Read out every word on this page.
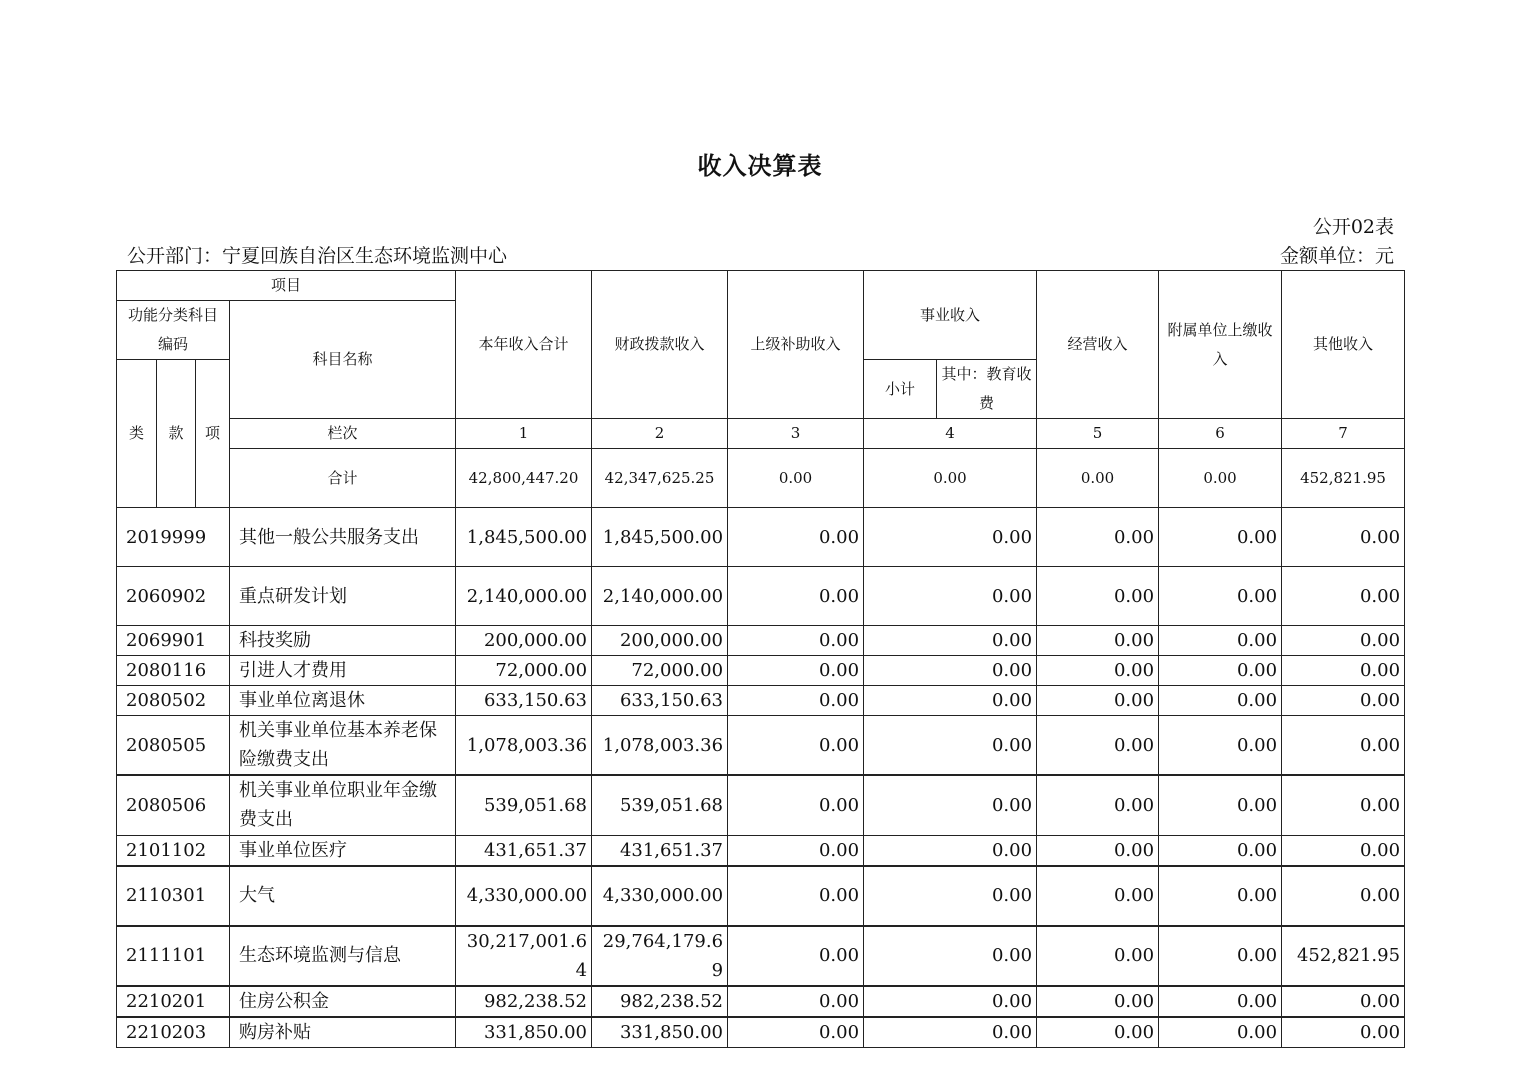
收入决算表
公开02表
公开部门：宁夏回族自治区生态环境监测中心	金额单位：元
项目				本年收入合计	财政拨款收入	上级补助收入	事业收入		经营收入	附属单位上缴收入	其他收入
功能分类科目编码			科目名称								
类	款	项					小计	其中：教育收费			

			栏次	1	2	3	4		5	6	7
			合计	42,800,447.20	42,347,625.25	0.00	0.00		0.00	0.00	452,821.95
2019999			其他一般公共服务支出	1,845,500.00	1,845,500.00	0.00	0.00		0.00	0.00	0.00
2060902			重点研发计划	2,140,000.00	2,140,000.00	0.00	0.00		0.00	0.00	0.00
2069901			科技奖励	200,000.00	200,000.00	0.00	0.00		0.00	0.00	0.00
2080116			引进人才费用	72,000.00	72,000.00	0.00	0.00		0.00	0.00	0.00
2080502			事业单位离退休	633,150.63	633,150.63	0.00	0.00		0.00	0.00	0.00
2080505			机关事业单位基本养老保险缴费支出	1,078,003.36	1,078,003.36	0.00	0.00		0.00	0.00	0.00
2080506			机关事业单位职业年金缴费支出	539,051.68	539,051.68	0.00	0.00		0.00	0.00	0.00
2101102			事业单位医疗	431,651.37	431,651.37	0.00	0.00		0.00	0.00	0.00
2110301			大气	4,330,000.00	4,330,000.00	0.00	0.00		0.00	0.00	0.00
2111101			生态环境监测与信息	30,217,001.64	29,764,179.69	0.00	0.00		0.00	0.00	452,821.95
2210201			住房公积金	982,238.52	982,238.52	0.00	0.00		0.00	0.00	0.00
2210203			购房补贴	331,850.00	331,850.00	0.00	0.00		0.00	0.00	0.00
